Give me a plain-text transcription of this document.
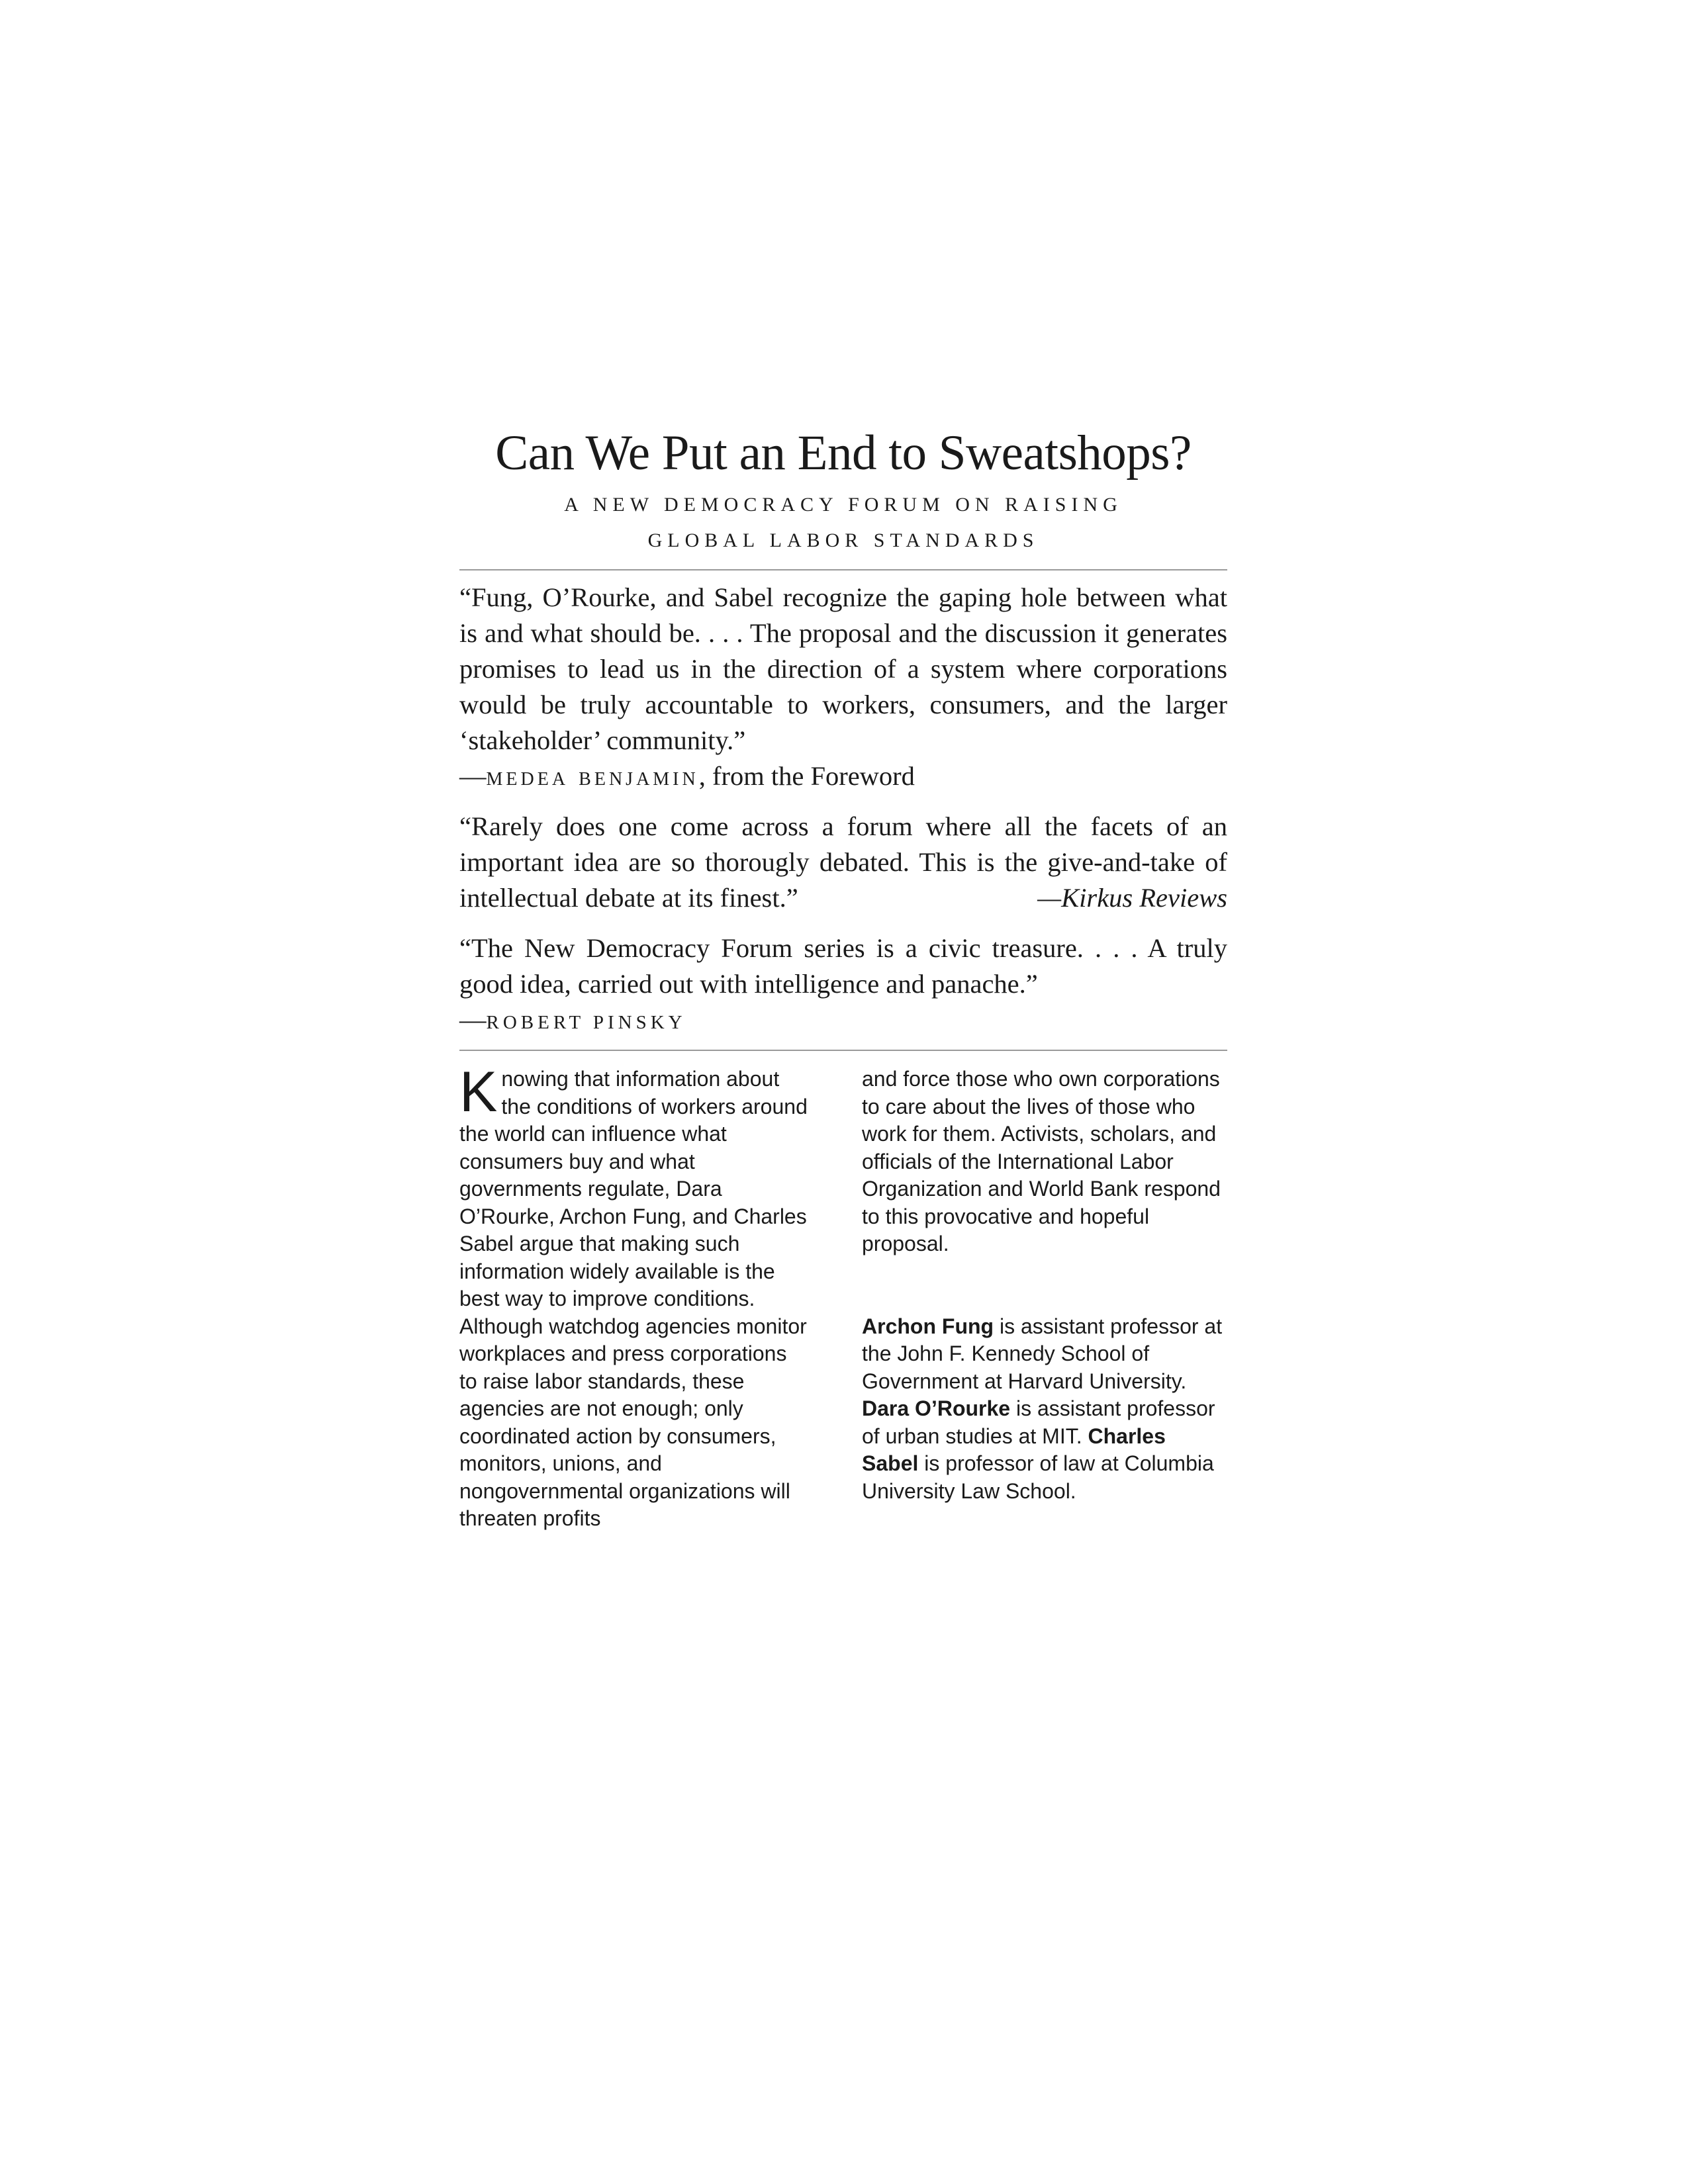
Can We Put an End to Sweatshops?
A NEW DEMOCRACY FORUM ON RAISING
GLOBAL LABOR STANDARDS

“Fung, O’Rourke, and Sabel recognize the gaping hole between what is and what should be. . . . The proposal and the discussion it generates promises to lead us in the direction of a system where corporations would be truly accountable to workers, consumers, and the larger ‘stakeholder’ community.”

—medea benjamin, from the Foreword

“Rarely does one come across a forum where all the facets of an important idea are so thorougly debated. This is the give-and-take of intellectual debate at its finest.”	—Kirkus Reviews

“The New Democracy Forum series is a civic treasure. . . . A truly good idea, carried out with intelligence and panache.”

—ROBERT PINSKY

Knowing that information about the conditions of workers around the world can influence what consumers buy and what governments regulate, Dara O’Rourke, Archon Fung, and Charles Sabel argue that making such information widely available is the best way to improve conditions. Although watchdog agencies monitor workplaces and press corporations to raise labor standards, these agencies are not enough; only coordinated action by consumers, monitors, unions, and nongovernmental organizations will threaten profits

and force those who own corporations to care about the lives of those who work for them. Activists, scholars, and officials of the International Labor Organization and World Bank respond to this provocative and hopeful proposal.

Archon Fung is assistant professor at the John F. Kennedy School of Government at Harvard University. Dara O’Rourke is assistant professor of urban studies at MIT. Charles Sabel is professor of law at Columbia University Law School.
